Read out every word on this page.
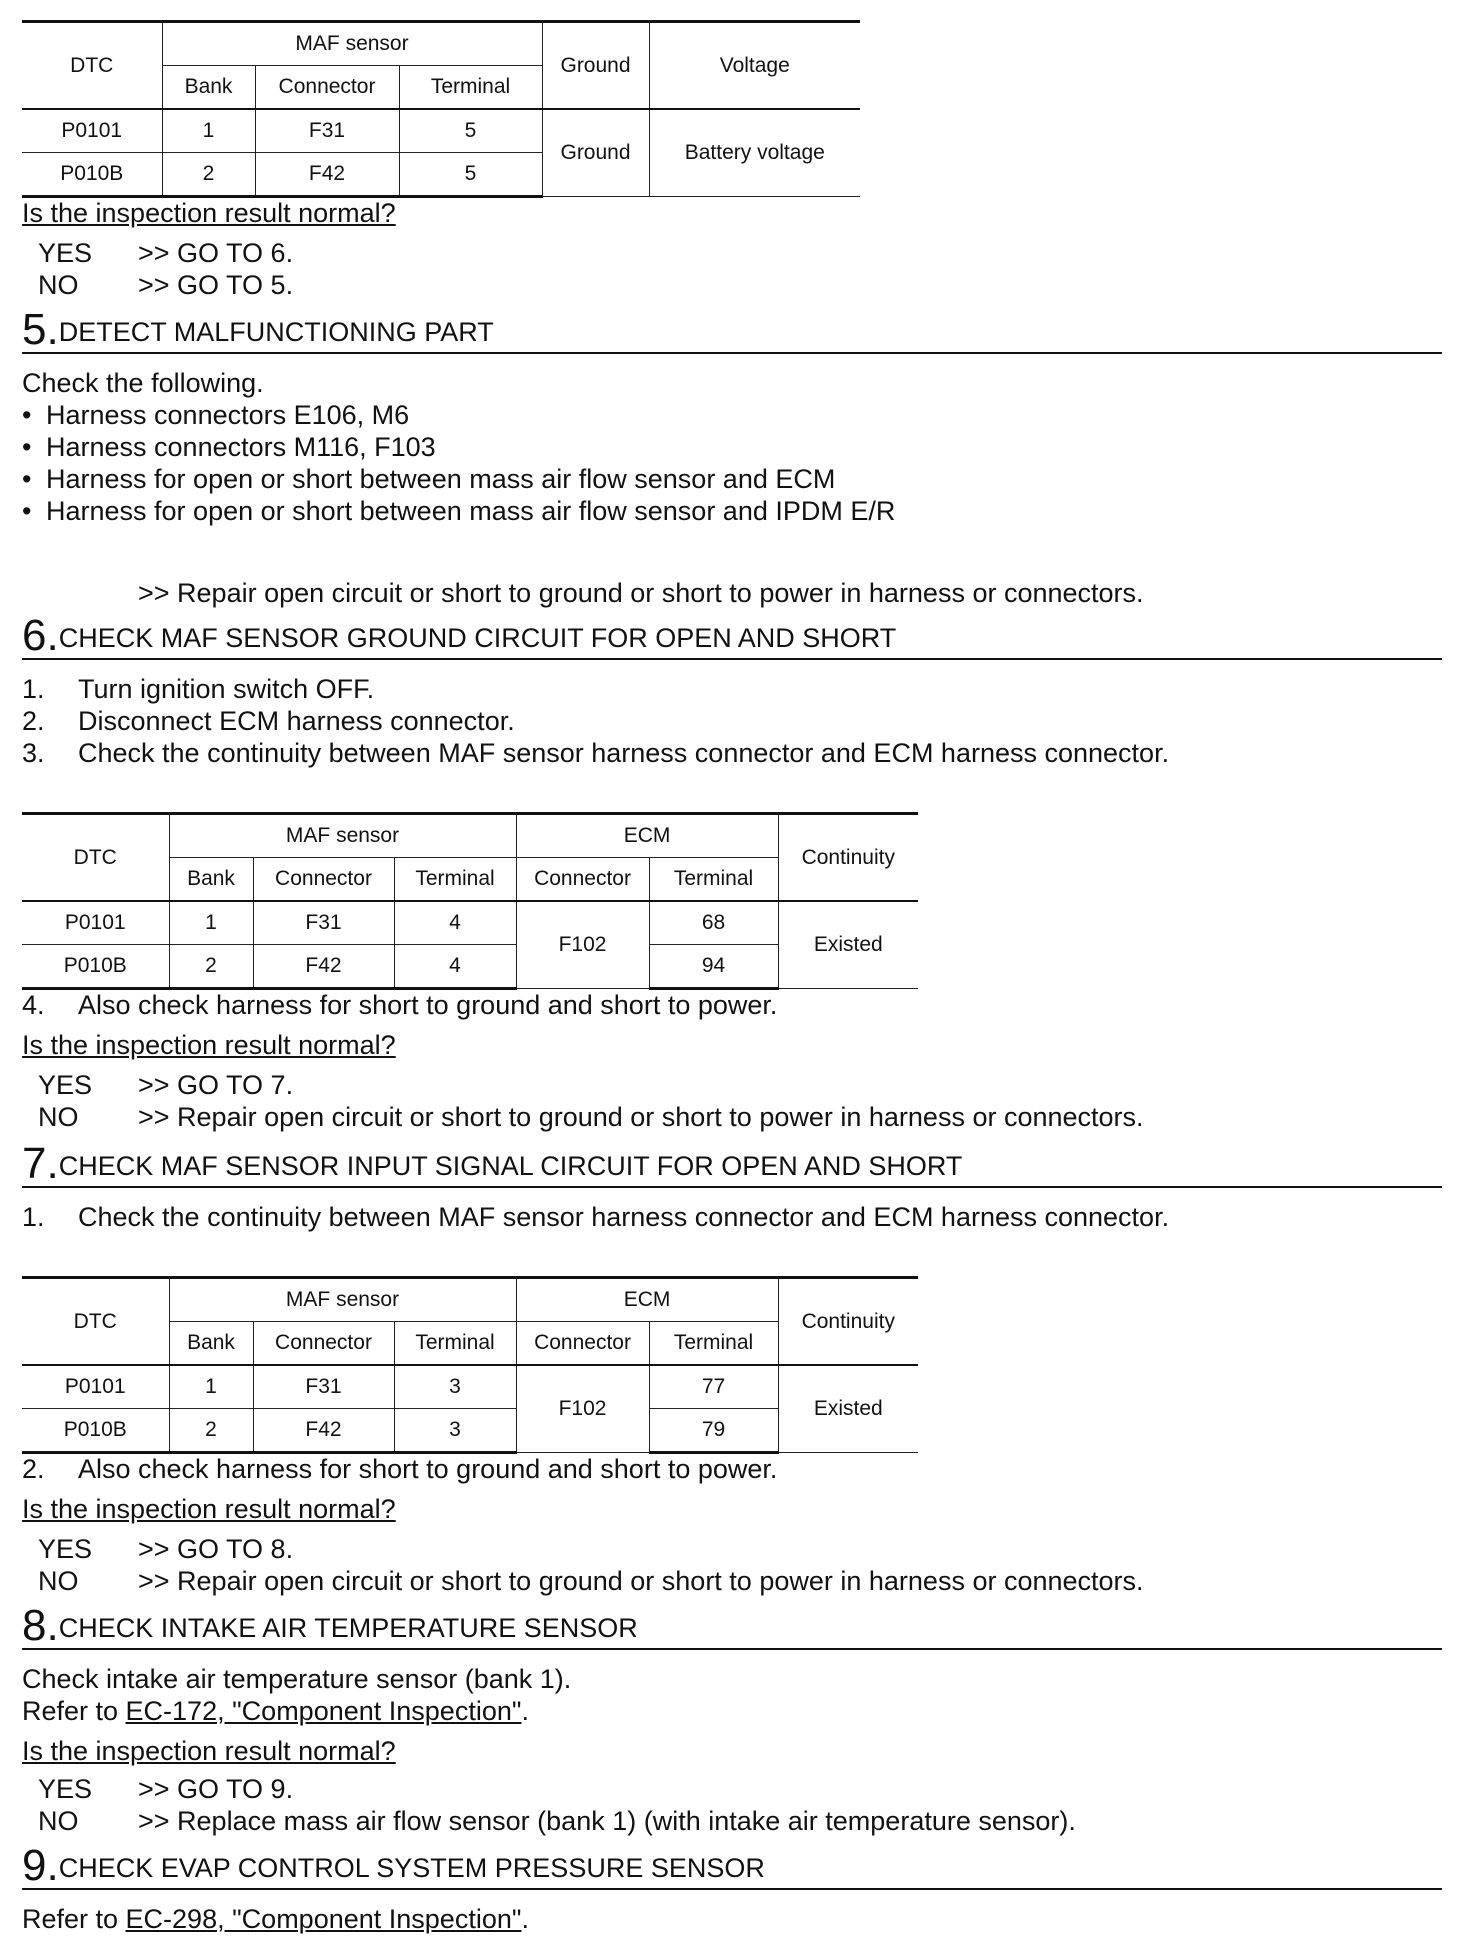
DTC	MAF sensor			Ground	Voltage
	Bank	Connector	Terminal		
P0101	1	F31	5	Ground	Battery voltage
P010B	2	F42	5		
Is the inspection result normal?
YES >> GO TO 6.
NO >> GO TO 5.
5.DETECT MALFUNCTIONING PART
Check the following.
• Harness connectors E106, M6
• Harness connectors M116, F103
• Harness for open or short between mass air flow sensor and ECM
• Harness for open or short between mass air flow sensor and IPDM E/R
>> Repair open circuit or short to ground or short to power in harness or connectors.
6.CHECK MAF SENSOR GROUND CIRCUIT FOR OPEN AND SHORT
1. Turn ignition switch OFF.
2. Disconnect ECM harness connector.
3. Check the continuity between MAF sensor harness connector and ECM harness connector.
DTC	MAF sensor			ECM		Continuity
	Bank	Connector	Terminal	Connector	Terminal	
P0101	1	F31	4	F102	68	Existed
P010B	2	F42	4		94	
4. Also check harness for short to ground and short to power.
Is the inspection result normal?
YES >> GO TO 7.
NO >> Repair open circuit or short to ground or short to power in harness or connectors.
7.CHECK MAF SENSOR INPUT SIGNAL CIRCUIT FOR OPEN AND SHORT
1. Check the continuity between MAF sensor harness connector and ECM harness connector.
DTC	MAF sensor			ECM		Continuity
	Bank	Connector	Terminal	Connector	Terminal	
P0101	1	F31	3	F102	77	Existed
P010B	2	F42	3		79	
2. Also check harness for short to ground and short to power.
Is the inspection result normal?
YES >> GO TO 8.
NO >> Repair open circuit or short to ground or short to power in harness or connectors.
8.CHECK INTAKE AIR TEMPERATURE SENSOR
Check intake air temperature sensor (bank 1).
Refer to EC-172, "Component Inspection".
Is the inspection result normal?
YES >> GO TO 9.
NO >> Replace mass air flow sensor (bank 1) (with intake air temperature sensor).
9.CHECK EVAP CONTROL SYSTEM PRESSURE SENSOR
Refer to EC-298, "Component Inspection".
